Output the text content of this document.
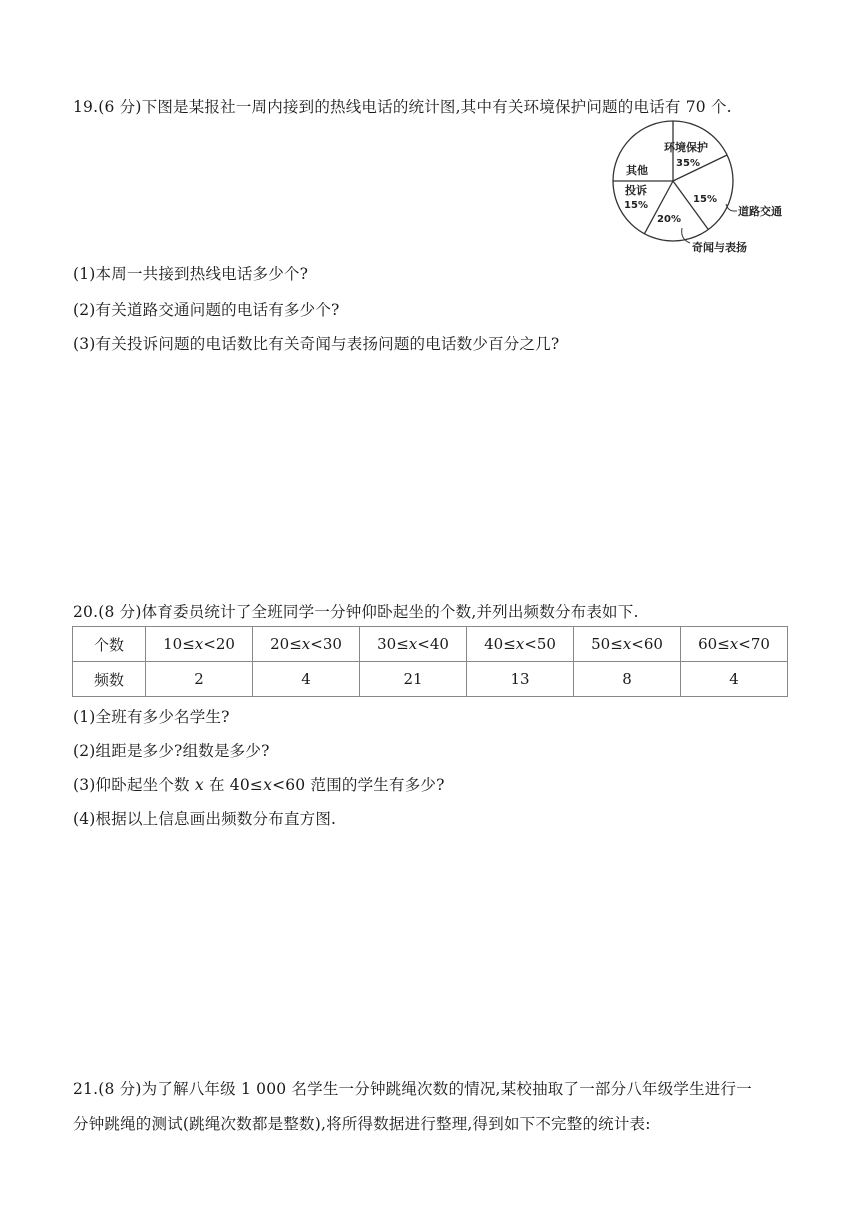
19.(6 分)下图是某报社一周内接到的热线电话的统计图,其中有关环境保护问题的电话有 70 个.
环境保护
35%
其他
投诉
15%
15%
20%
道路交通
奇闻与表扬
(1)本周一共接到热线电话多少个?
(2)有关道路交通问题的电话有多少个?
(3)有关投诉问题的电话数比有关奇闻与表扬问题的电话数少百分之几?
20.(8 分)体育委员统计了全班同学一分钟仰卧起坐的个数,并列出频数分布表如下.
个数	10≤x<20	20≤x<30	30≤x<40	40≤x<50	50≤x<60	60≤x<70
频数	2	4	21	13	8	4
(1)全班有多少名学生?
(2)组距是多少?组数是多少?
(3)仰卧起坐个数 x 在 40≤x<60 范围的学生有多少?
(4)根据以上信息画出频数分布直方图.
21.(8 分)为了解八年级 1 000 名学生一分钟跳绳次数的情况,某校抽取了一部分八年级学生进行一
分钟跳绳的测试(跳绳次数都是整数),将所得数据进行整理,得到如下不完整的统计表:
